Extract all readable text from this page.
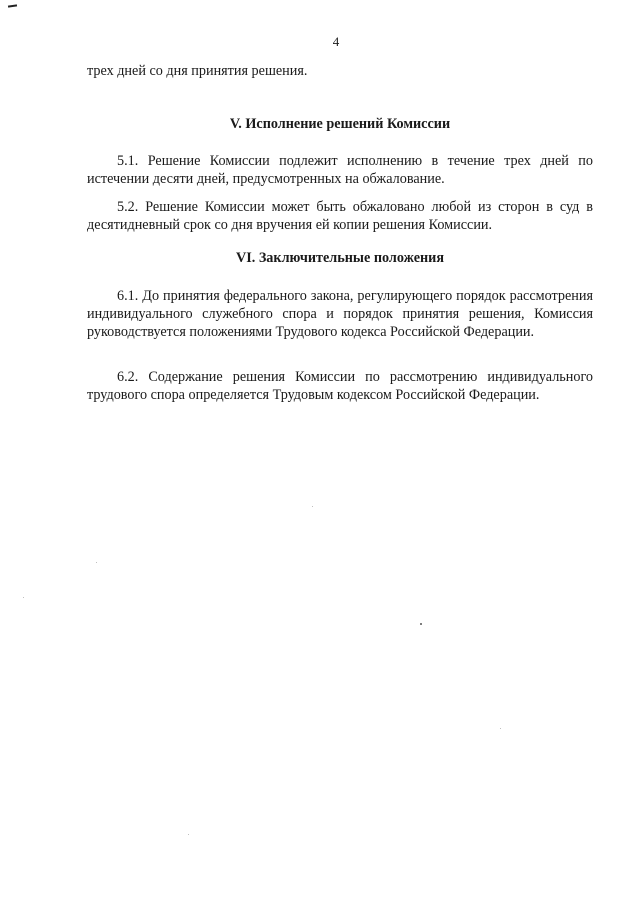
4

трех дней со дня принятия решения.

V. Исполнение решений Комиссии

5.1. Решение Комиссии подлежит исполнению в течение трех дней по истечении десяти дней, предусмотренных на обжалование.

5.2. Решение Комиссии может быть обжаловано любой из сторон в суд в десятидневный срок со дня вручения ей копии решения Комиссии.

VI. Заключительные положения

6.1. До принятия федерального закона, регулирующего порядок рассмотрения индивидуального служебного спора и порядок принятия решения, Комиссия руководствуется положениями Трудового кодекса Российской Федерации.

6.2. Содержание решения Комиссии по рассмотрению индивидуального трудового спора определяется Трудовым кодексом Российской Федерации.
